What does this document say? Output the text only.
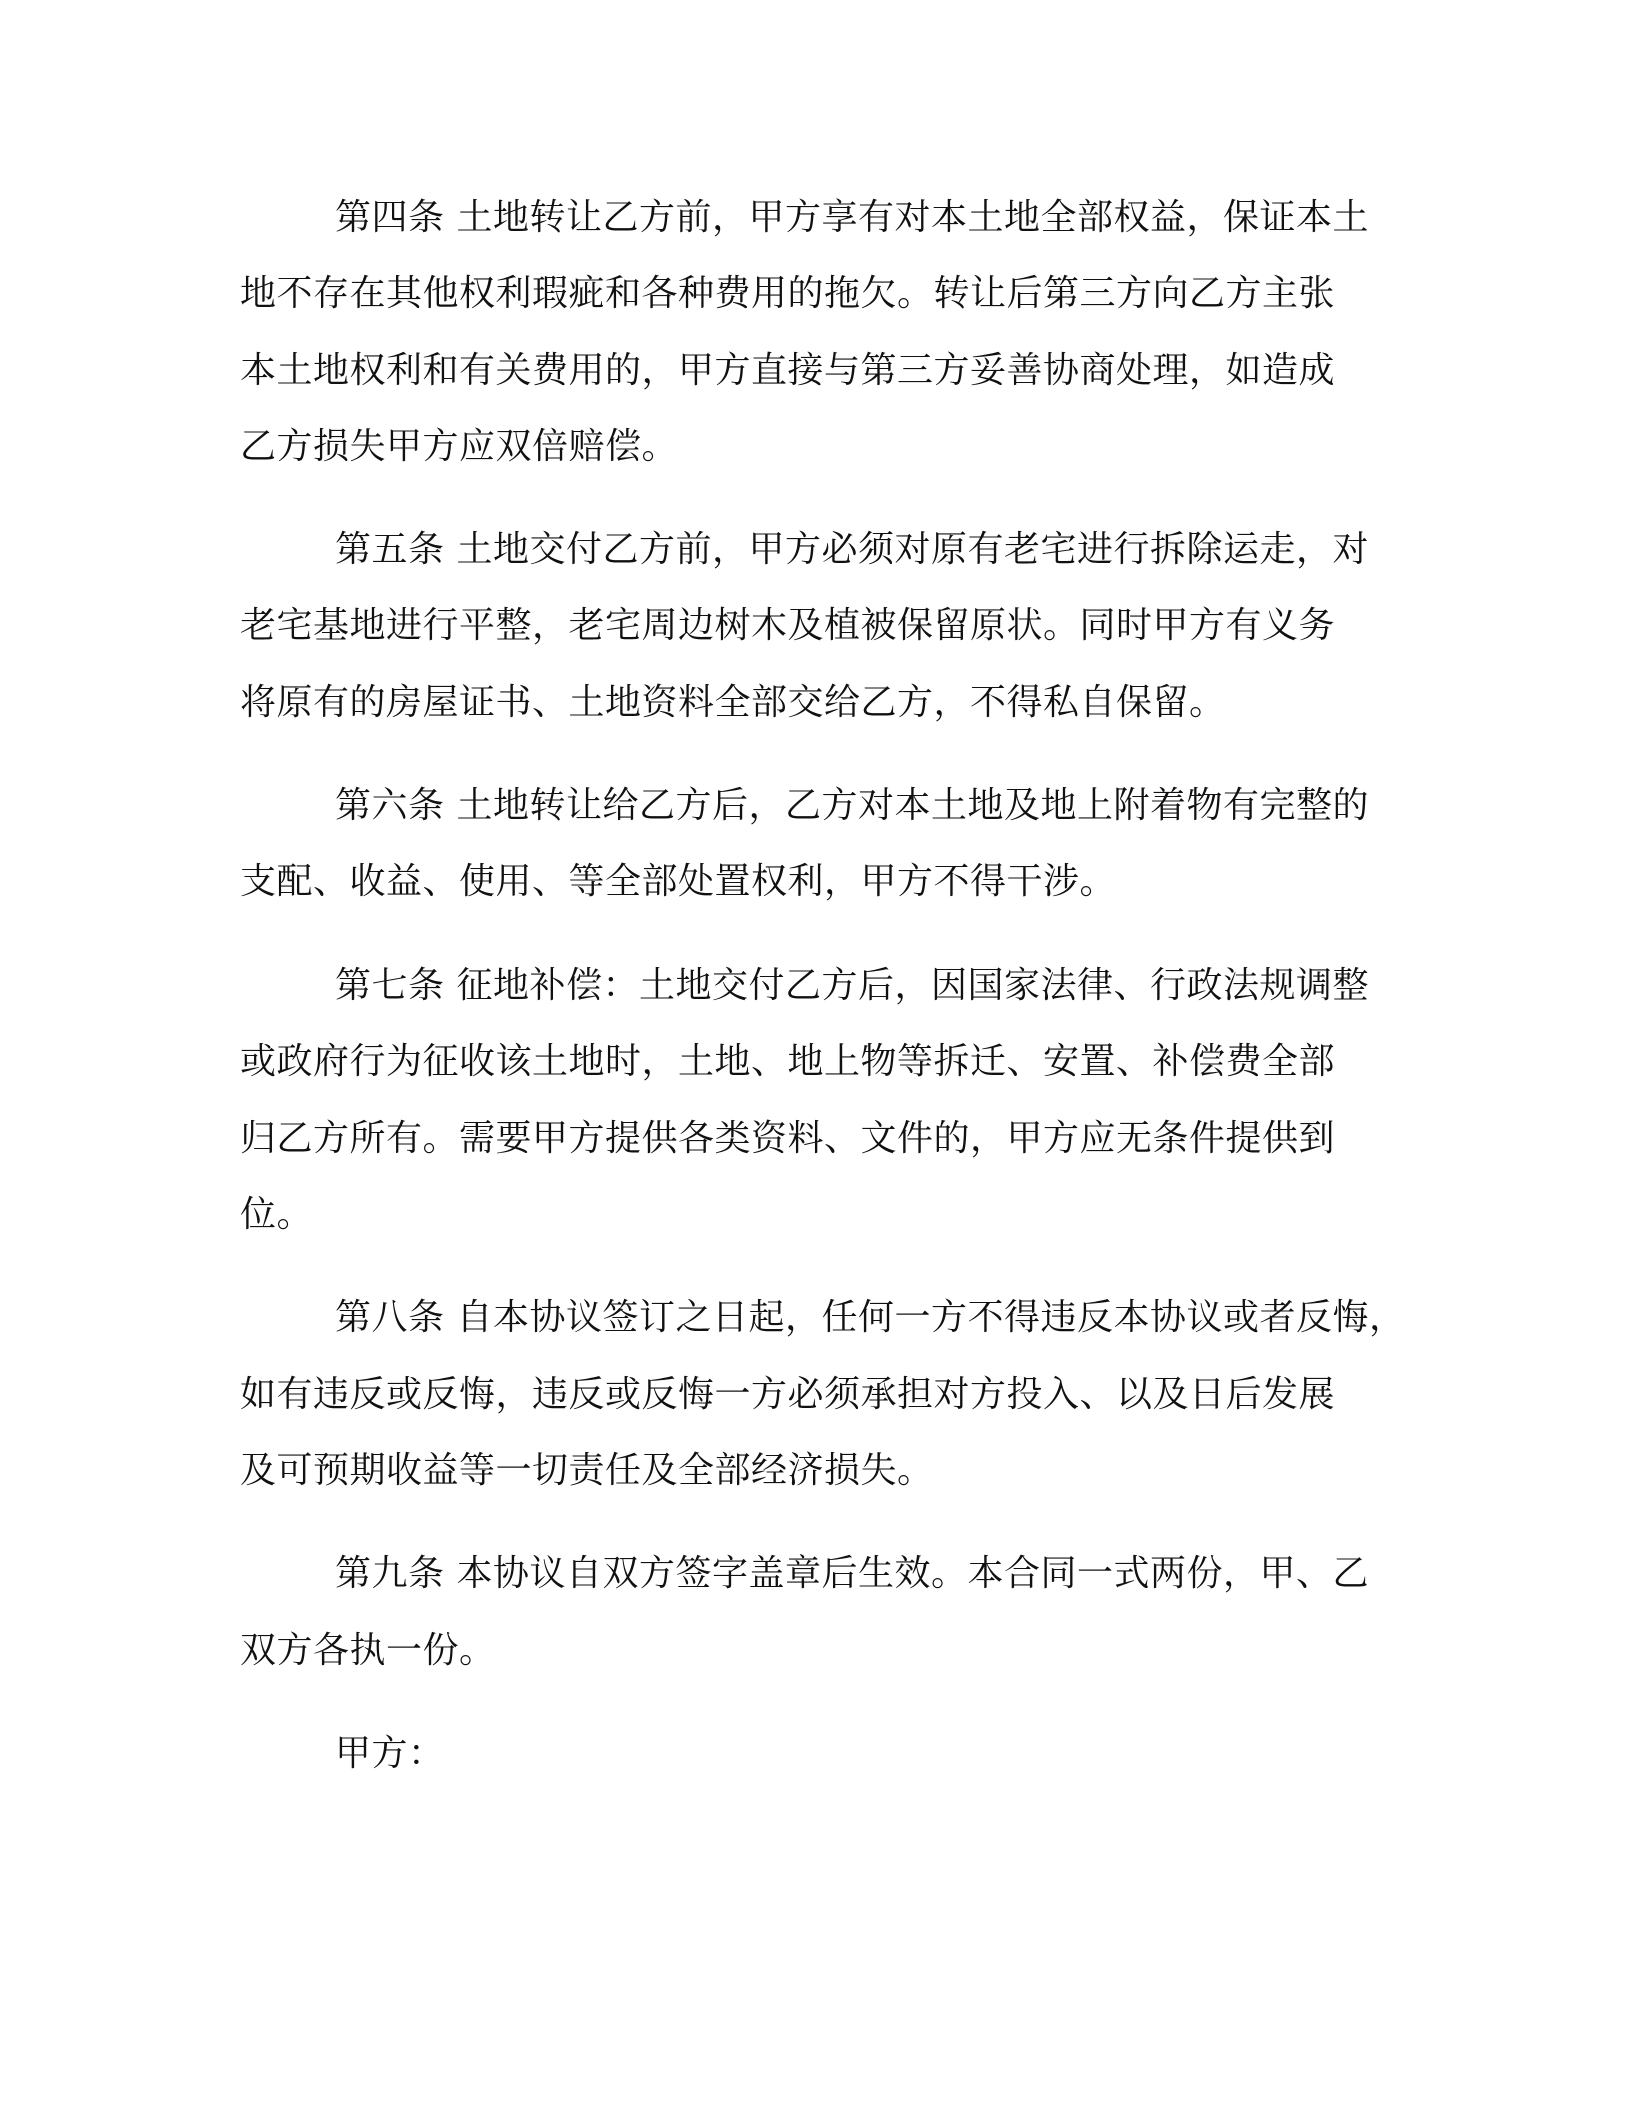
第四条 土地转让乙方前，甲方享有对本土地全部权益，保证本土
地不存在其他权利瑕疵和各种费用的拖欠。转让后第三方向乙方主张
本土地权利和有关费用的，甲方直接与第三方妥善协商处理，如造成
乙方损失甲方应双倍赔偿。
第五条 土地交付乙方前，甲方必须对原有老宅进行拆除运走，对
老宅基地进行平整，老宅周边树木及植被保留原状。同时甲方有义务
将原有的房屋证书、土地资料全部交给乙方，不得私自保留。
第六条 土地转让给乙方后，乙方对本土地及地上附着物有完整的
支配、收益、使用、等全部处置权利，甲方不得干涉。
第七条 征地补偿：土地交付乙方后，因国家法律、行政法规调整
或政府行为征收该土地时，土地、地上物等拆迁、安置、补偿费全部
归乙方所有。需要甲方提供各类资料、文件的，甲方应无条件提供到
位。
第八条 自本协议签订之日起，任何一方不得违反本协议或者反悔，
如有违反或反悔，违反或反悔一方必须承担对方投入、以及日后发展
及可预期收益等一切责任及全部经济损失。
第九条 本协议自双方签字盖章后生效。本合同一式两份，甲、乙
双方各执一份。
甲方：
